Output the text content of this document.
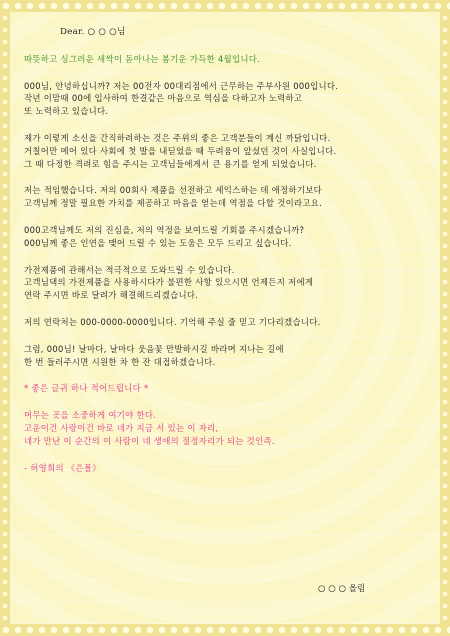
Dear. ○ ○ ○님

따뜻하고 싱그러운 새싹이 돋아나는 봄기운 가득한 4월입니다.

000님, 안녕하십니까? 저는 00전자 00대리점에서 근무하는 주부사원 000입니다.
작년 이맘때 00에 입사하여 한결같은 마음으로 역심을 다하고자 노력하고
또 노력하고 있습니다.

제가 이렇게 소신을 간직하려하는 것은 주위의 좋은 고객분들이 계신 까닭입니다.
거칠어만 메어 있다 사회에 첫 발을 내딛었을 때 두려움이 앞섰던 것이 사실입니다.
그 때 다정한 격려로 힘을 주시는 고객님들에게서 큰 용기를 얻게 되었습니다.

저는 적임했습니다. 저의 00회사 제품을 선전하고 세익스하는 데 애정하기보다
고객님께 정말 필요한 가치를 제공하고 마음을 얻는데 역점을 다할 것이라고요.

000고객님께도 저의 진심을, 저의 역정을 보여드릴 기회를 주시겠습니까?
000님께 좋은 인연을 맺어 드릴 수 있는 도움은 모두 드리고 싶습니다.

가전제품에 관해서는 적극적으로 도와드릴 수 있습니다.
고객님댁의 가전제품을 사용하시다가 불편한 사항 있으시면 언제든지 저에게
연락 주시면 바로 달려가 해결해드리겠습니다.

저의 연락처는 000-0000-0000입니다. 기억해 주실 줄 믿고 기다리겠습니다.

그럼, 000님! 날마다, 날마다 웃음꽃 만발하시길 바라며 지나는 길에
한 번 들러주시면 시원한 차 한 잔 대접하겠습니다.

* 좋은 글귀 하나 적어드립니다 *

머무는 곳을 소중하게 여기야 한다.
고운이건 사랑이건 바로 네가 지금 서 있는 이 자리,
네가 만난 이 순간의 이 사람이 네 생애의 절정자리가 되는 것인즉.

- 허영희의 《은몰》

○ ○ ○ 올림
